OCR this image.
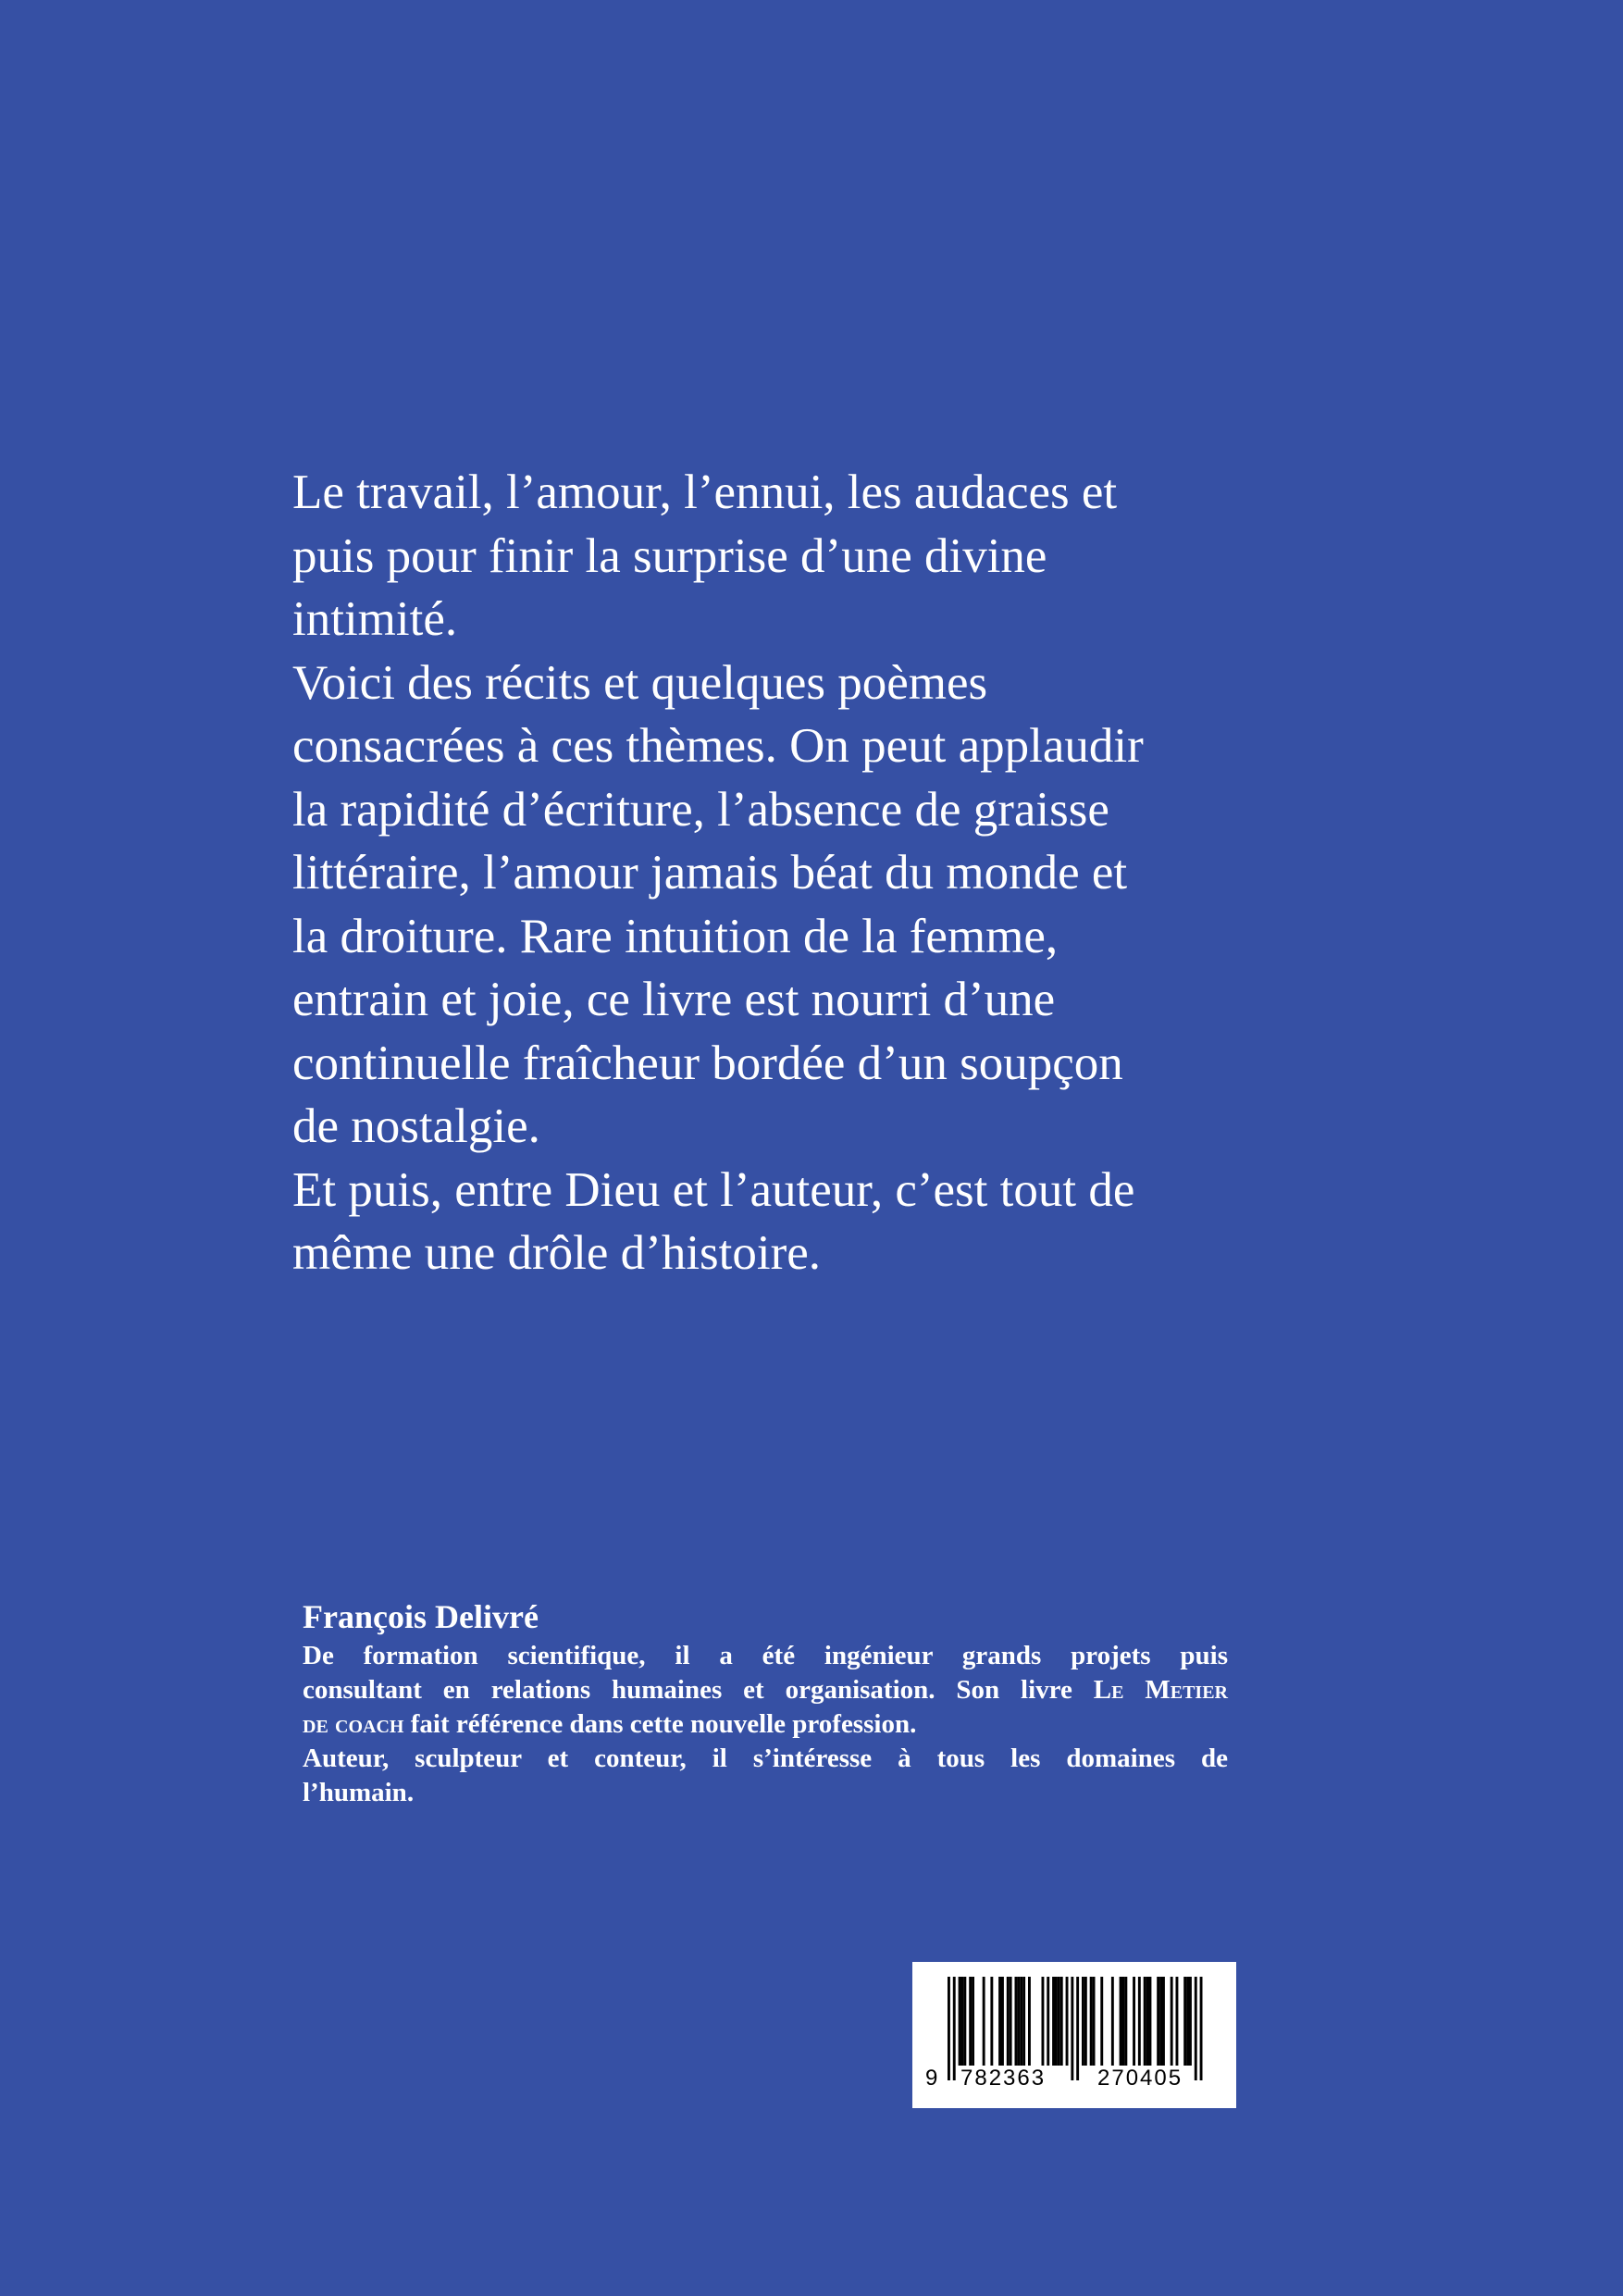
Le travail, l’amour, l’ennui, les audaces et
puis pour finir la surprise d’une divine
intimité.
Voici des récits et quelques poèmes
consacrées à ces thèmes. On peut applaudir
la rapidité d’écriture, l’absence de graisse
littéraire, l’amour jamais béat du monde et
la droiture. Rare intuition de la femme,
entrain et joie, ce livre est nourri d’une
continuelle fraîcheur bordée d’un soupçon
de nostalgie.
Et puis, entre Dieu et l’auteur, c’est tout de
même une drôle d’histoire.
François Delivré
De formation scientifique, il a été ingénieur grands projets puis
consultant en relations humaines et organisation. Son livre Le Metier
de coach fait référence dans cette nouvelle profession.
Auteur, sculpteur et conteur, il s’intéresse à tous les domaines de
l’humain.
9 782363 270405
